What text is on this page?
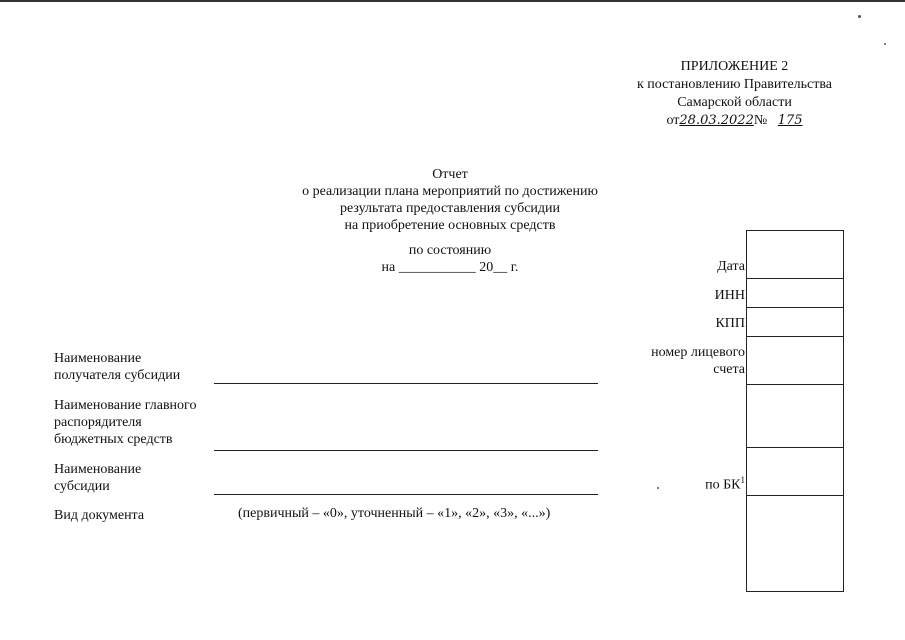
ПРИЛОЖЕНИЕ 2
к постановлению Правительства
Самарской области
от28.03.2022№ 175
Отчет
о реализации плана мероприятий по достижению
результата предоставления субсидии
на приобретение основных средств
по состоянию
на ___________ 20__ г.	Дата
ИНН
КПП
номер лицевого
счета
по $БК^1$
Наименование
получателя субсидии
Наименование главного
распорядителя
бюджетных средств
Наименование
субсидии
Вид документа	(первичный – «0», уточненный – «1», «2», «3», «...»)
